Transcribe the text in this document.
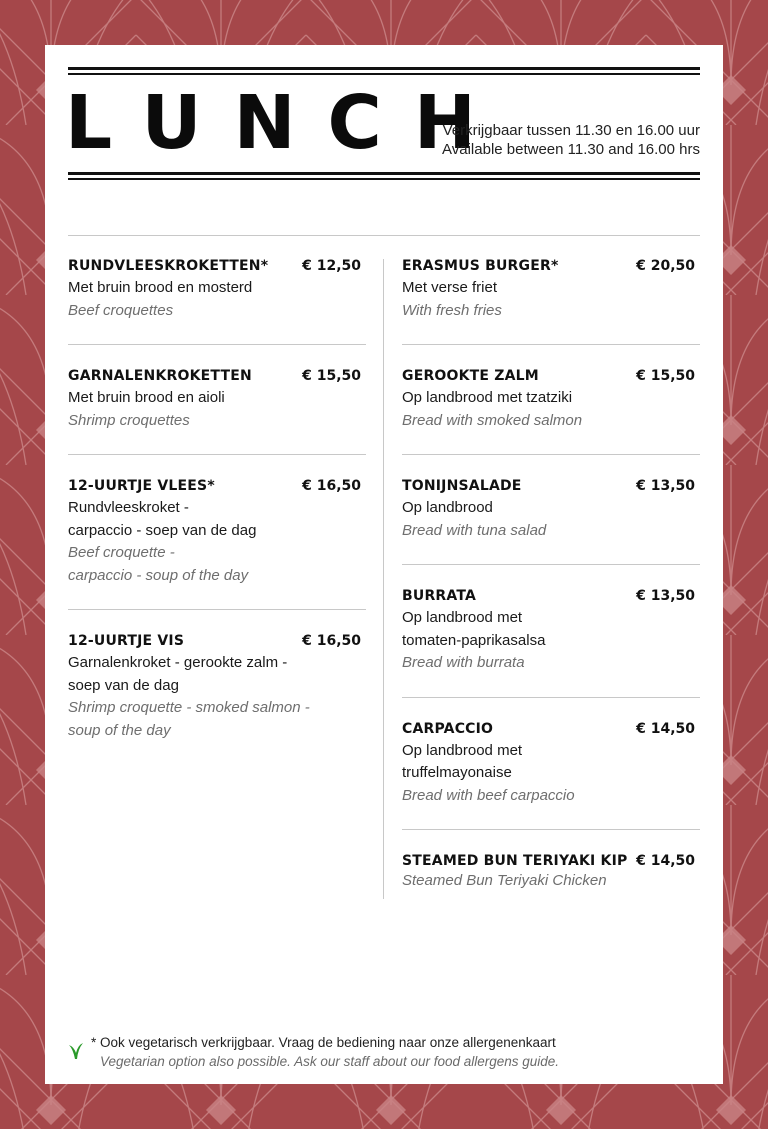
LUNCH
Verkrijgbaar tussen 11.30 en 16.00 uur
Available between 11.30 and 16.00 hrs
RUNDVLEESKROKETTEN* € 12,50
Met bruin brood en mosterd
Beef croquettes
GARNALENKROKETTEN	€ 15,50
Met bruin brood en aioli
Shrimp croquettes
12-UURTJE VLEES*	€ 16,50
Rundvleeskroket -
carpaccio - soep van de dag
Beef croquette -
carpaccio - soup of the day
12-UURTJE VIS	€ 16,50
Garnalenkroket - gerookte zalm -
soep van de dag
Shrimp croquette - smoked salmon -
soup of the day
ERASMUS BURGER*	€ 20,50
Met verse friet
With fresh fries
GEROOKTE ZALM	€ 15,50
Op landbrood met tzatziki
Bread with smoked salmon
TONIJNSALADE	€ 13,50
Op landbrood
Bread with tuna salad
BURRATA	€ 13,50
Op landbrood met
tomaten-paprikasalsa
Bread with burrata
CARPACCIO	€ 14,50
Op landbrood met
truffelmayonaise
Bread with beef carpaccio
STEAMED BUN TERIYAKI KIP € 14,50
Steamed Bun Teriyaki Chicken
* Ook vegetarisch verkrijgbaar. Vraag de bediening naar onze allergenenkaart
Vegetarian option also possible. Ask our staff about our food allergens guide.
